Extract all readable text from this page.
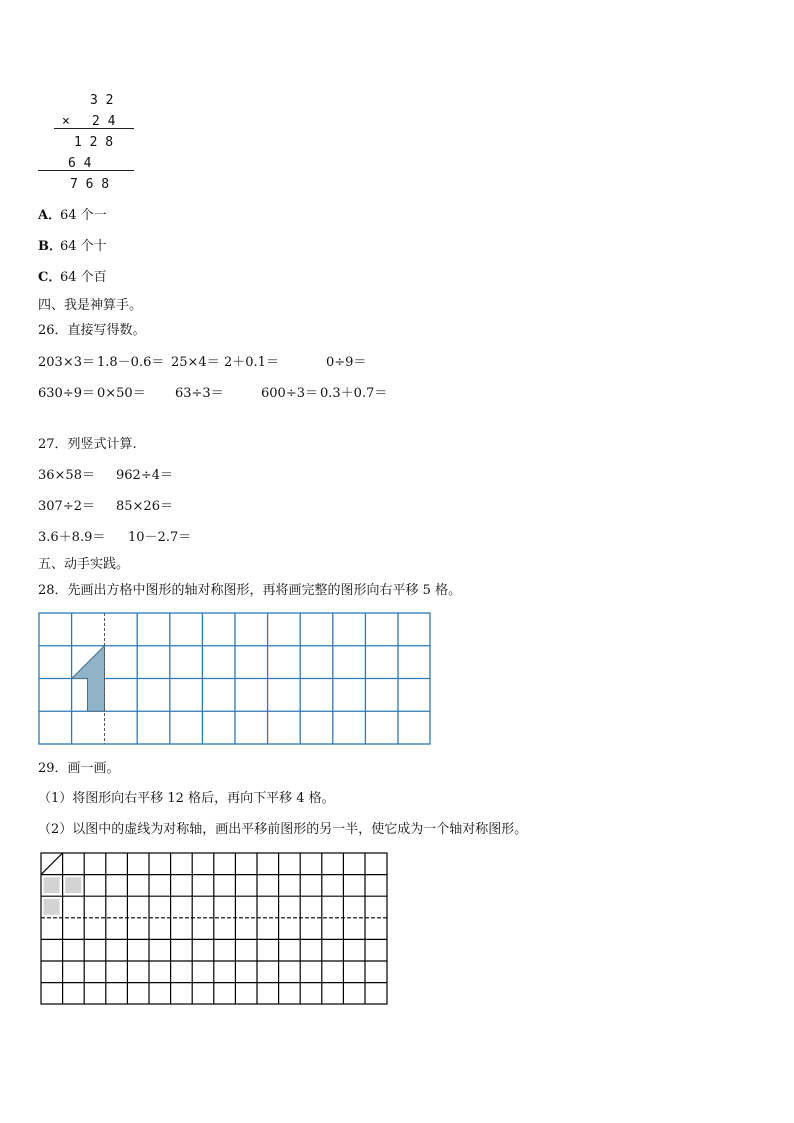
3 2
× 2 4
1 2 8
6 4
7 6 8
A．
64 个一
B．
64 个十
C．
64 个百
四、我是神算手。
26．直接写得数。
203×3＝ 1.8－0.6＝ 25×4＝ 2＋0.1＝	0÷9＝
630÷9＝ 0×50＝ 63÷3＝	600÷3＝ 0.3＋0.7＝
27．列竖式计算.
36×58＝ 962÷4＝
307÷2＝ 85×26＝
3.6＋8.9＝ 10－2.7＝
五、动手实践。
28．先画出方格中图形的轴对称图形，再将画完整的图形向右平移 5 格。
29．画一画。
（1）将图形向右平移 12 格后，再向下平移 4 格。
（2）以图中的虚线为对称轴，画出平移前图形的另一半，使它成为一个轴对称图形。
